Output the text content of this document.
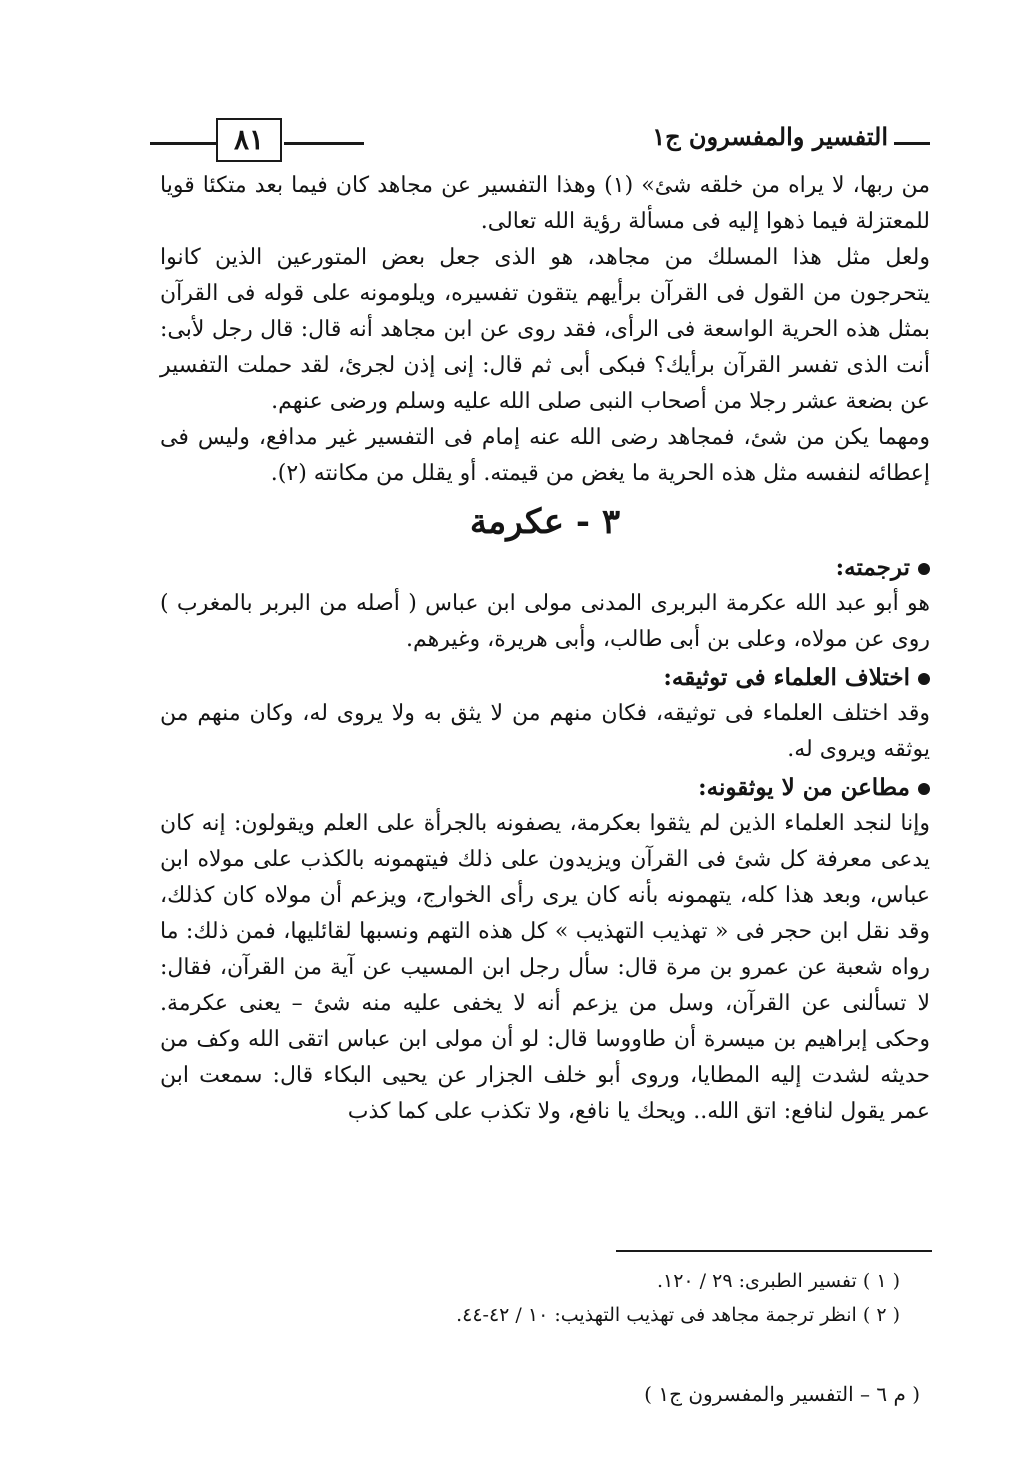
٨١	التفسير والمفسرون ج١

من ربها، لا يراه من خلقه شئ» (١) وهذا التفسير عن مجاهد كان فيما بعد متكئا قويا للمعتزلة فيما ذهوا إليه فى مسألة رؤية الله تعالى.

ولعل مثل هذا المسلك من مجاهد، هو الذى جعل بعض المتورعين الذين كانوا يتحرجون من القول فى القرآن برأيهم يتقون تفسيره، ويلومونه على قوله فى القرآن بمثل هذه الحرية الواسعة فى الرأى، فقد روى عن ابن مجاهد أنه قال: قال رجل لأبى: أنت الذى تفسر القرآن برأيك؟ فبكى أبى ثم قال: إنى إذن لجرئ، لقد حملت التفسير عن بضعة عشر رجلا من أصحاب النبى صلى الله عليه وسلم ورضى عنهم.

ومهما يكن من شئ، فمجاهد رضى الله عنه إمام فى التفسير غير مدافع، وليس فى إعطائه لنفسه مثل هذه الحرية ما يغض من قيمته. أو يقلل من مكانته (٢).

٣ - عكرمة
ترجمته:

هو أبو عبد الله عكرمة البربرى المدنى مولى ابن عباس ( أصله من البربر بالمغرب ) روى عن مولاه، وعلى بن أبى طالب، وأبى هريرة، وغيرهم.

اختلاف العلماء فى توثيقه:

وقد اختلف العلماء فى توثيقه، فكان منهم من لا يثق به ولا يروى له، وكان منهم من يوثقه ويروى له.

مطاعن من لا يوثقونه:

وإنا لنجد العلماء الذين لم يثقوا بعكرمة، يصفونه بالجرأة على العلم ويقولون: إنه كان يدعى معرفة كل شئ فى القرآن ويزيدون على ذلك فيتهمونه بالكذب على مولاه ابن عباس، وبعد هذا كله، يتهمونه بأنه كان يرى رأى الخوارج، ويزعم أن مولاه كان كذلك، وقد نقل ابن حجر فى « تهذيب التهذيب » كل هذه التهم ونسبها لقائليها، فمن ذلك: ما رواه شعبة عن عمرو بن مرة قال: سأل رجل ابن المسيب عن آية من القرآن، فقال: لا تسألنى عن القرآن، وسل من يزعم أنه لا يخفى عليه منه شئ – يعنى عكرمة. وحكى إبراهيم بن ميسرة أن طاووسا قال: لو أن مولى ابن عباس اتقى الله وكف من حديثه لشدت إليه المطايا، وروى أبو خلف الجزار عن يحيى البكاء قال: سمعت ابن عمر يقول لنافع: اتق الله.. ويحك يا نافع، ولا تكذب على كما كذب

( ١ ) تفسير الطبرى: ٢٩ / ١٢٠.
( ٢ ) انظر ترجمة مجاهد فى تهذيب التهذيب: ١٠ / ٤٢-٤٤.
( م ٦ – التفسير والمفسرون ج١ )
